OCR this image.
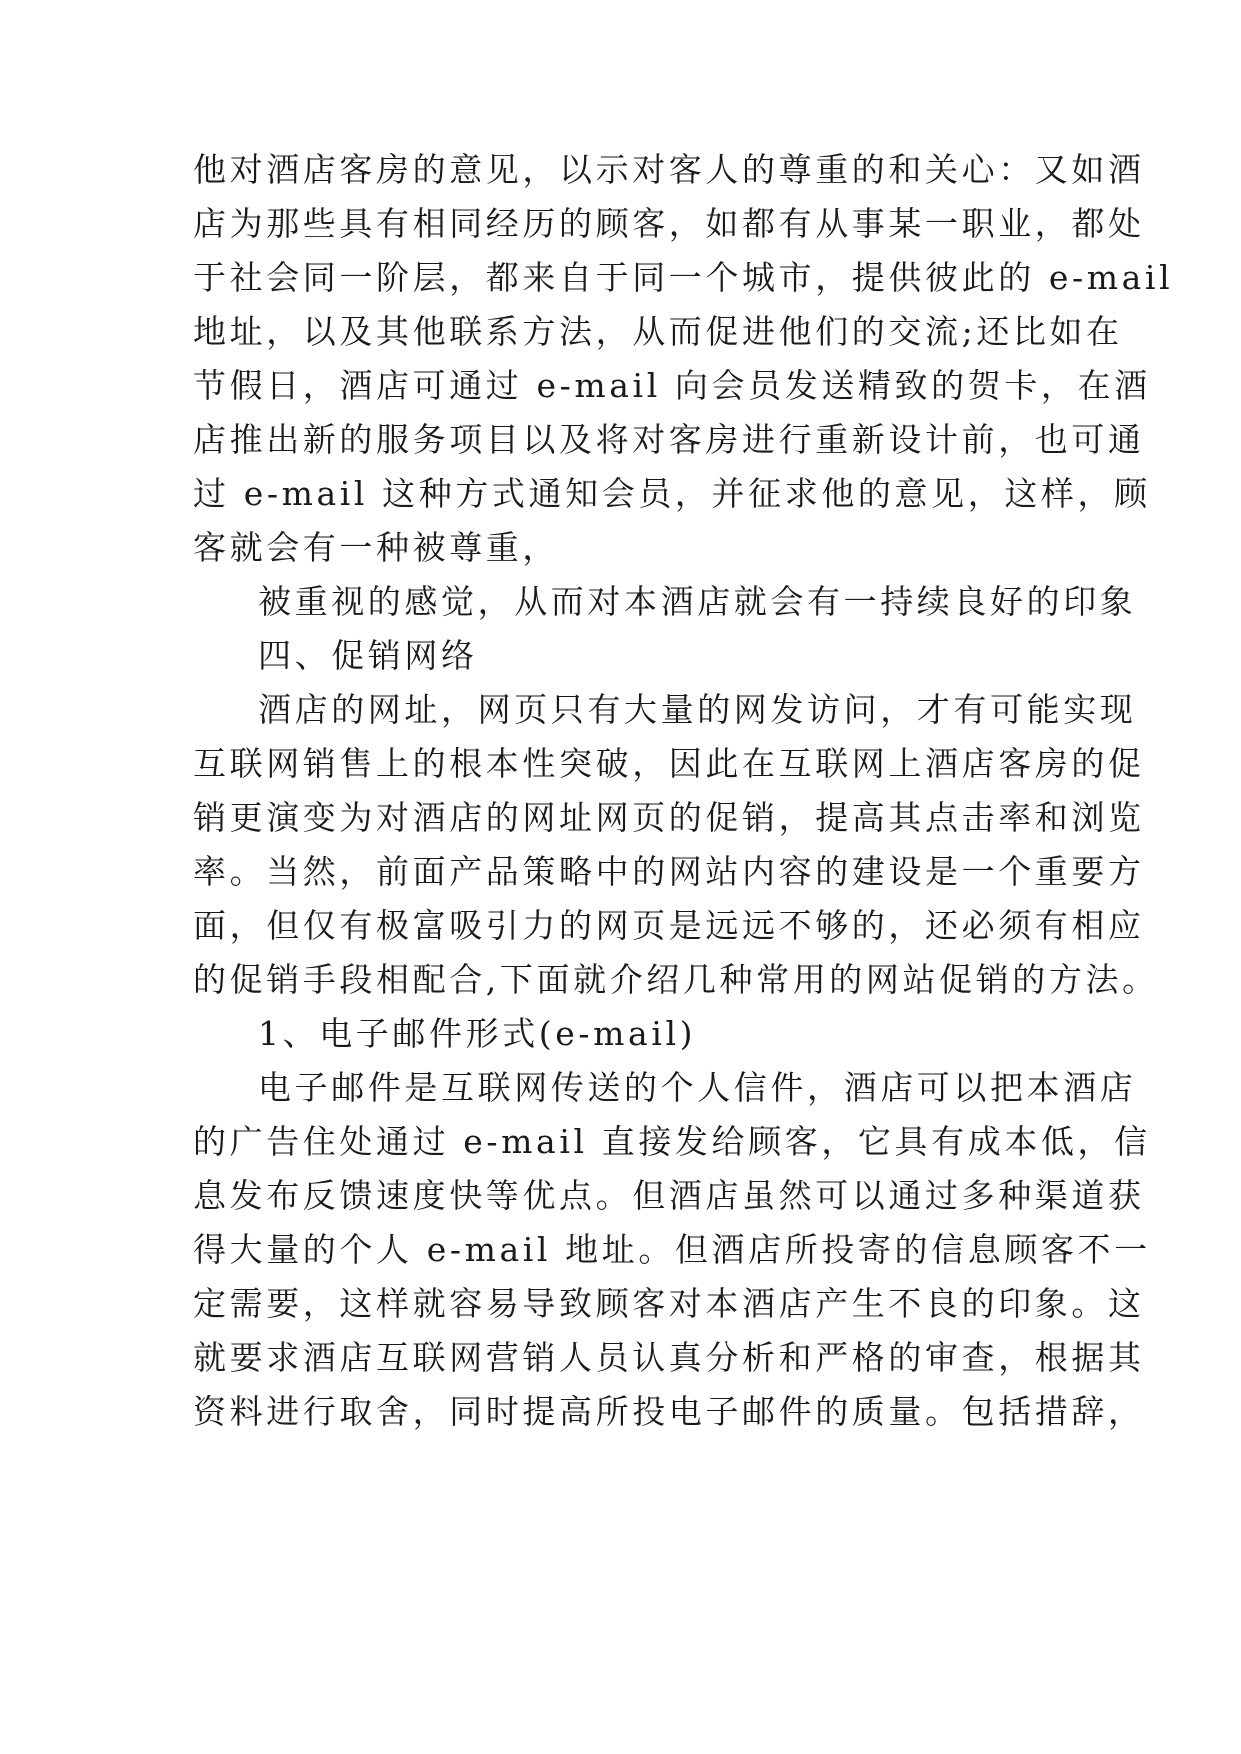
他对酒店客房的意见，以示对客人的尊重的和关心：又如酒
店为那些具有相同经历的顾客，如都有从事某一职业，都处
于社会同一阶层，都来自于同一个城市，提供彼此的 e-mail
地址，以及其他联系方法，从而促进他们的交流;还比如在
节假日，酒店可通过 e-mail 向会员发送精致的贺卡，在酒
店推出新的服务项目以及将对客房进行重新设计前，也可通
过 e-mail 这种方式通知会员，并征求他的意见，这样，顾
客就会有一种被尊重，
被重视的感觉，从而对本酒店就会有一持续良好的印象
四、促销网络
酒店的网址，网页只有大量的网发访问，才有可能实现
互联网销售上的根本性突破，因此在互联网上酒店客房的促
销更演变为对酒店的网址网页的促销，提高其点击率和浏览
率。当然，前面产品策略中的网站内容的建设是一个重要方
面，但仅有极富吸引力的网页是远远不够的，还必须有相应
的促销手段相配合,下面就介绍几种常用的网站促销的方法。
1、电子邮件形式(e-mail)
电子邮件是互联网传送的个人信件，酒店可以把本酒店
的广告住处通过 e-mail 直接发给顾客，它具有成本低，信
息发布反馈速度快等优点。但酒店虽然可以通过多种渠道获
得大量的个人 e-mail 地址。但酒店所投寄的信息顾客不一
定需要，这样就容易导致顾客对本酒店产生不良的印象。这
就要求酒店互联网营销人员认真分析和严格的审查，根据其
资料进行取舍，同时提高所投电子邮件的质量。包括措辞，
